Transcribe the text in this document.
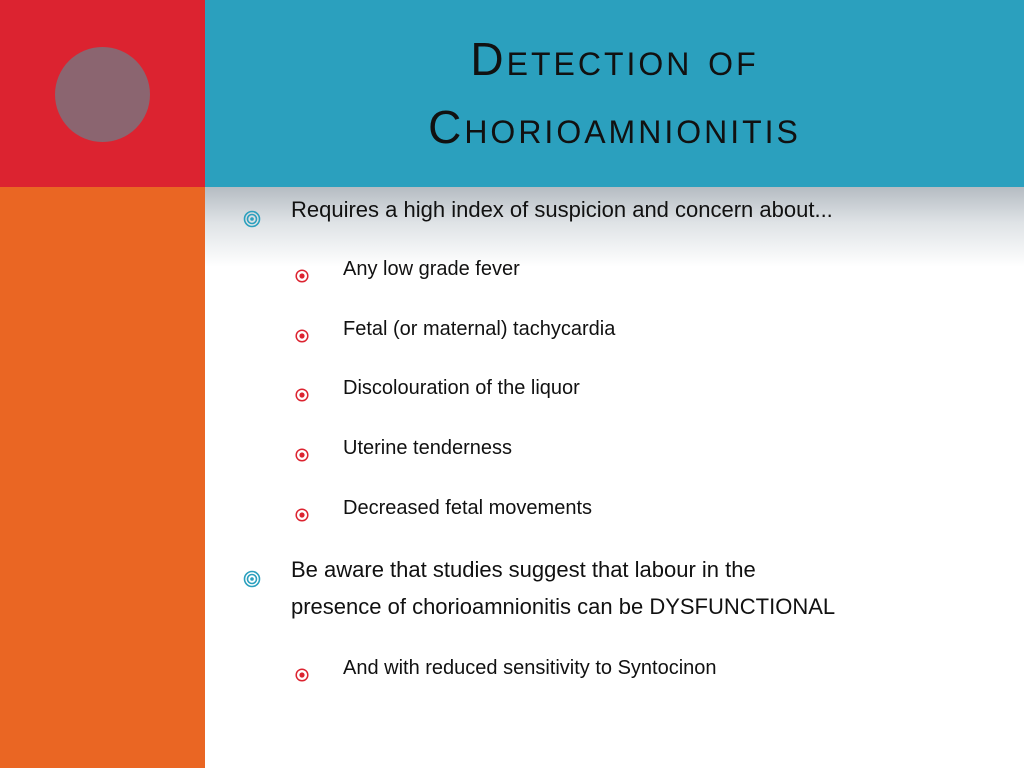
Detection of
Chorioamnionitis
Requires a high index of suspicion and concern about...
Any low grade fever
Fetal (or maternal) tachycardia
Discolouration of the liquor
Uterine tenderness
Decreased fetal movements
Be aware that studies suggest that labour in the
presence of chorioamnionitis can be DYSFUNCTIONAL
And with reduced sensitivity to Syntocinon
